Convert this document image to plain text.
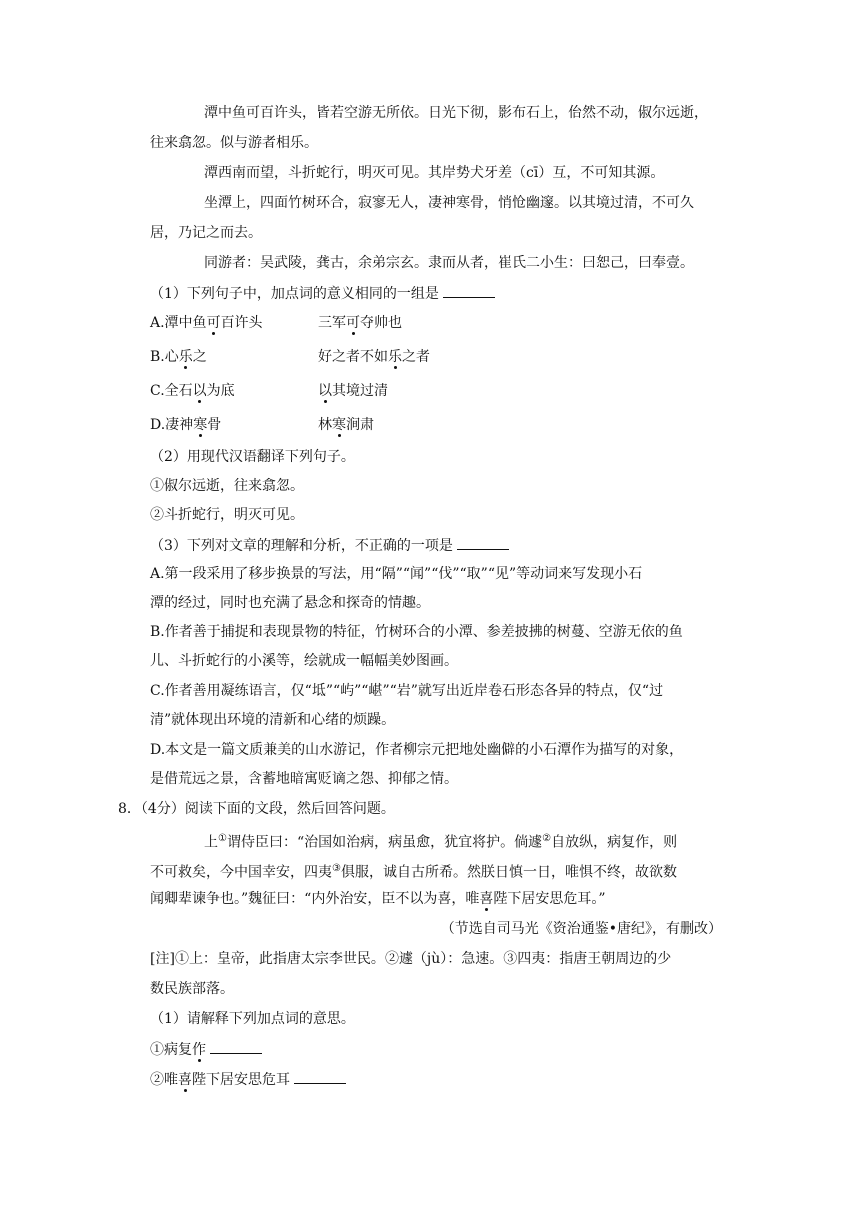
潭中鱼可百许头，皆若空游无所依。日光下彻，影布石上，佁然不动，俶尔远逝，
往来翕忽。似与游者相乐。
潭西南而望，斗折蛇行，明灭可见。其岸势犬牙差（cī）互，不可知其源。
坐潭上，四面竹树环合，寂寥无人，凄神寒骨，悄怆幽邃。以其境过清，不可久
居，乃记之而去。
同游者：吴武陵，龚古，余弟宗玄。隶而从者，崔氏二小生：曰恕己，曰奉壹。
（1）下列句子中，加点词的意义相同的一组是
A.潭中鱼可百许头	三军可夺帅也
B.心乐之	好之者不如乐之者
C.全石以为底	以其境过清
D.凄神寒骨	林寒涧肃
（2）用现代汉语翻译下列句子。
①俶尔远逝，往来翕忽。
②斗折蛇行，明灭可见。
（3）下列对文章的理解和分析，不正确的一项是
A.第一段采用了移步换景的写法，用“隔”“闻”“伐”“取”“见”等动词来写发现小石
潭的经过，同时也充满了悬念和探奇的情趣。
B.作者善于捕捉和表现景物的特征，竹树环合的小潭、参差披拂的树蔓、空游无依的鱼
儿、斗折蛇行的小溪等，绘就成一幅幅美妙图画。
C.作者善用凝练语言，仅“坻”“屿”“嵁”“岩”就写出近岸卷石形态各异的特点，仅“过
清”就体现出环境的清新和心绪的烦躁。
D.本文是一篇文质兼美的山水游记，作者柳宗元把地处幽僻的小石潭作为描写的对象，
是借荒远之景，含蓄地暗寓贬谪之怨、抑郁之情。
8．（4分）阅读下面的文段，然后回答问题。
上①谓侍臣曰：“治国如治病，病虽愈，犹宜将护。倘遽②自放纵，病复作，则
不可救矣，今中国幸安，四夷③俱服，诚自古所希。然朕日慎一日，唯惧不终，故欲数
闻卿辈谏争也。”魏征曰：“内外治安，臣不以为喜，唯喜陛下居安思危耳。”
（节选自司马光《资治通鉴•唐纪》，有删改）
[注]①上：皇帝，此指唐太宗李世民。②遽（jù）：急速。③四夷：指唐王朝周边的少
数民族部落。
（1）请解释下列加点词的意思。
①病复作
②唯喜陛下居安思危耳
